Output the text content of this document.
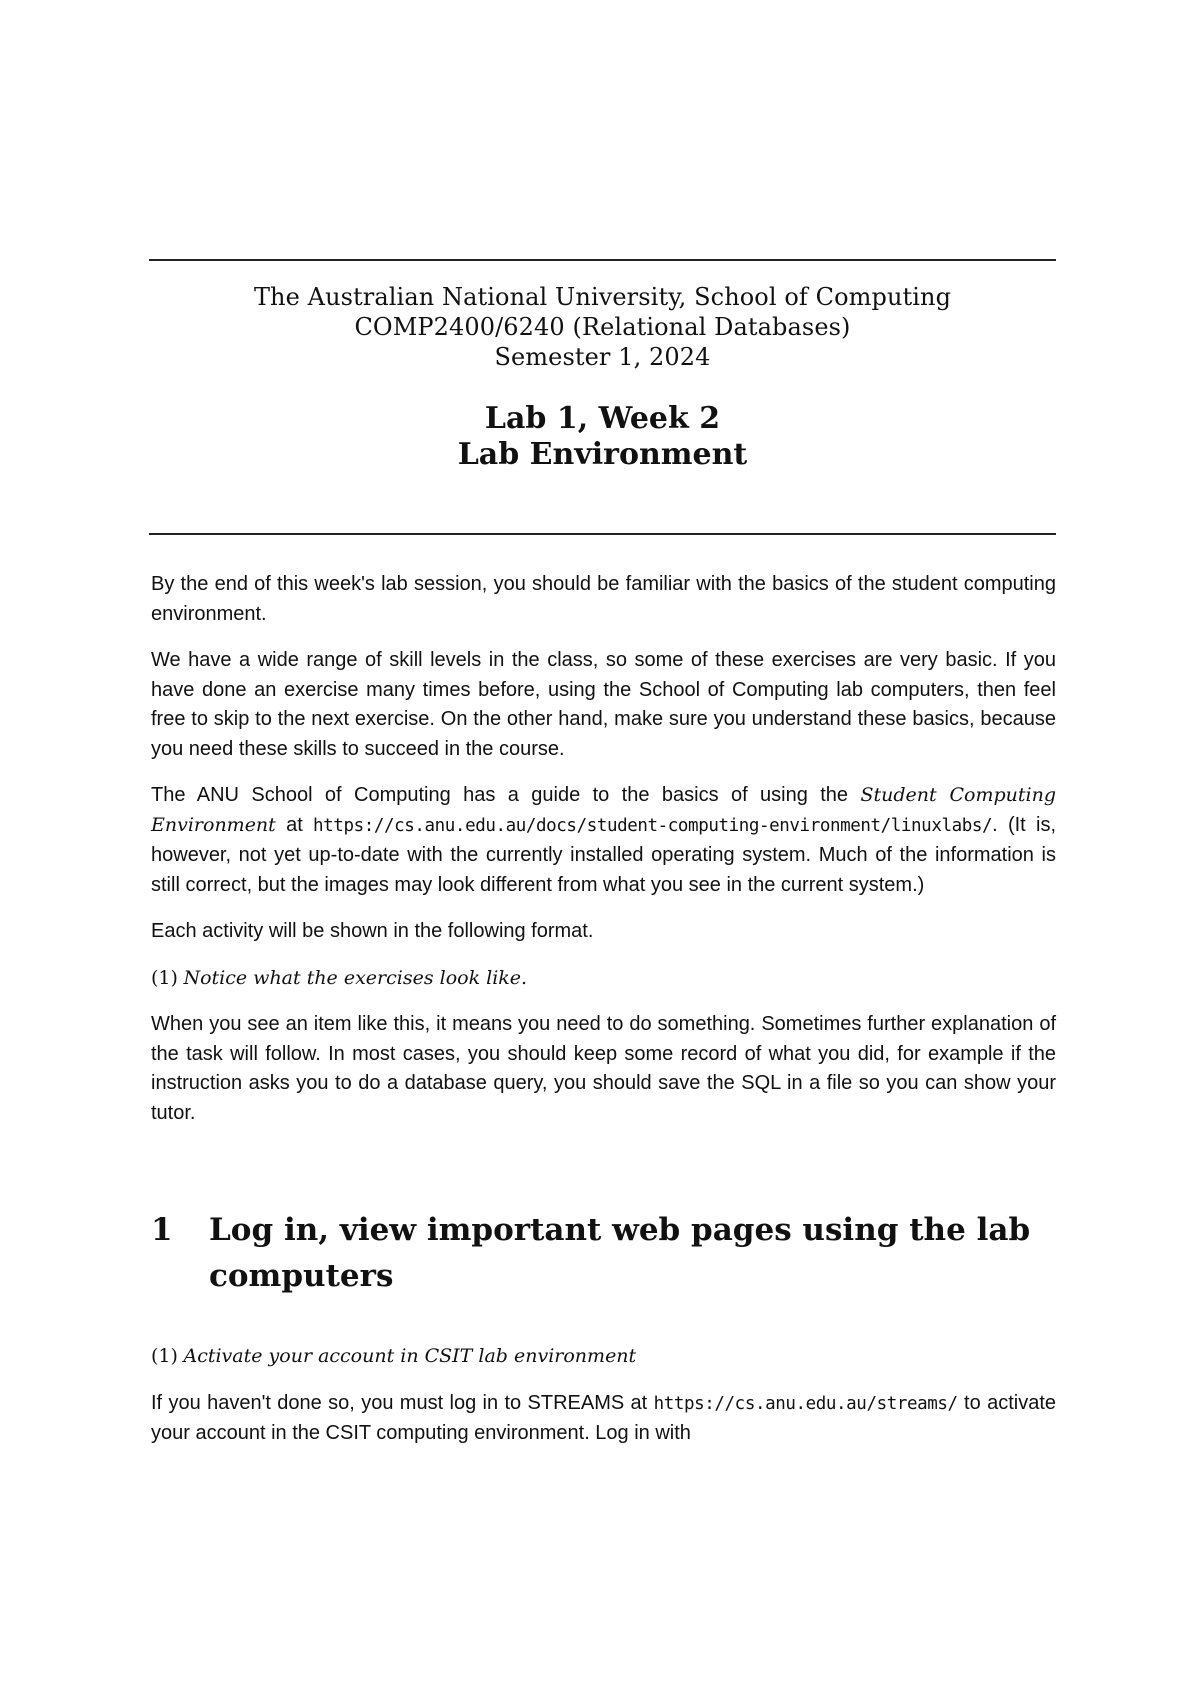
The Australian National University, School of Computing
COMP2400/6240 (Relational Databases)
Semester 1, 2024
Lab 1, Week 2
Lab Environment

By the end of this week's lab session, you should be familiar with the basics of the student computing environment.

We have a wide range of skill levels in the class, so some of these exercises are very basic. If you have done an exercise many times before, using the School of Computing lab computers, then feel free to skip to the next exercise. On the other hand, make sure you understand these basics, because you need these skills to succeed in the course.

The ANU School of Computing has a guide to the basics of using the Student Computing Environment at https://cs.anu.edu.au/docs/student-computing-environment/linuxlabs/. (It is, however, not yet up-to-date with the currently installed operating system. Much of the information is still correct, but the images may look different from what you see in the current system.)

Each activity will be shown in the following format.

(1) Notice what the exercises look like.

When you see an item like this, it means you need to do something. Sometimes further explanation of the task will follow. In most cases, you should keep some record of what you did, for example if the instruction asks you to do a database query, you should save the SQL in a file so you can show your tutor.

1	Log in, view important web pages using the lab computers

(1) Activate your account in CSIT lab environment

If you haven't done so, you must log in to STREAMS at https://cs.anu.edu.au/streams/ to activate your account in the CSIT computing environment. Log in with
